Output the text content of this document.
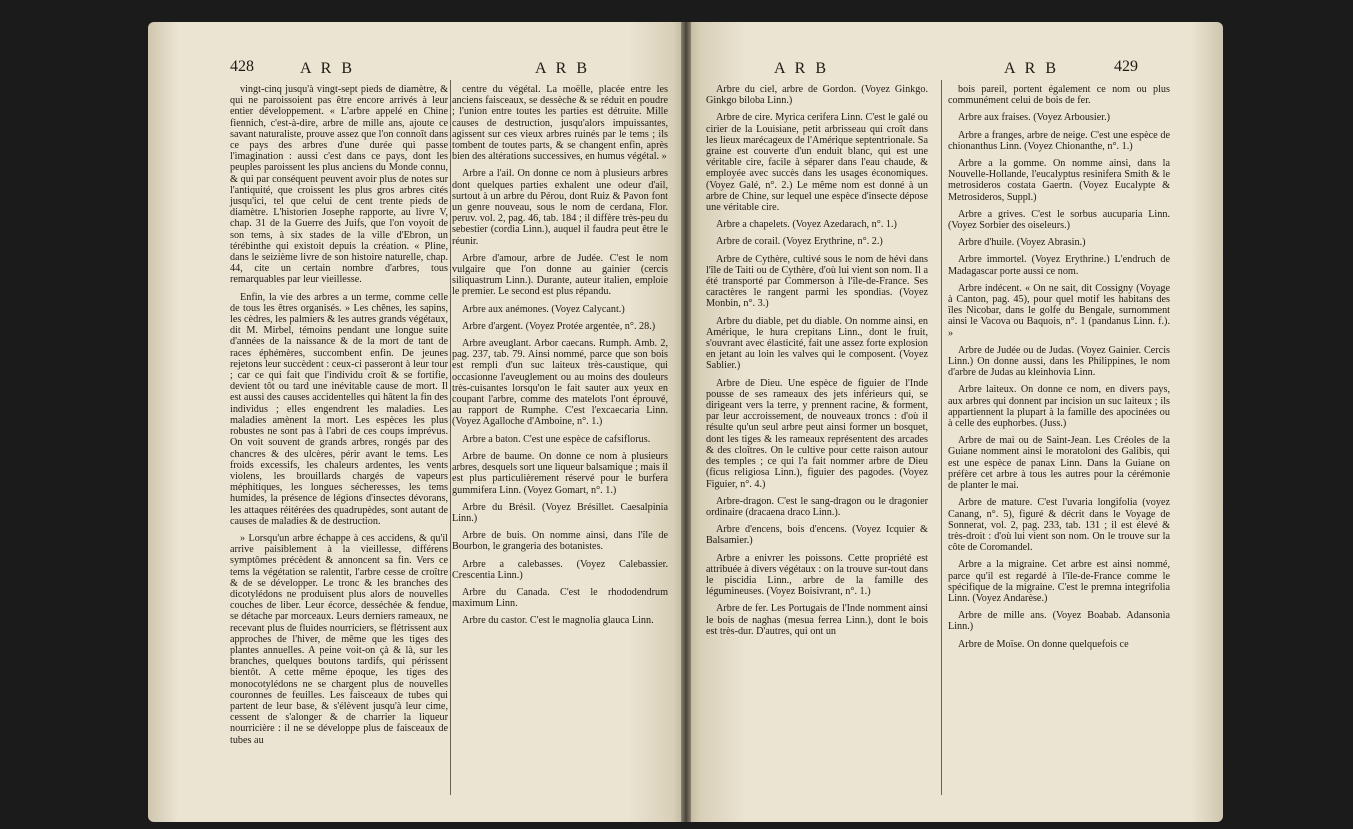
428	A R B	A R B

vingt-cinq jusqu'à vingt-sept pieds de diamètre, & qui ne paroissoient pas être encore arrivés à leur entier développement. « L'arbre appelé en Chine fiennich, c'est-à-dire, arbre de mille ans, ajoute ce savant naturaliste, prouve assez que l'on connoît dans ce pays des arbres d'une durée qui passe l'imagination : aussi c'est dans ce pays, dont les peuples paroissent les plus anciens du Monde connu, & qui par conséquent peuvent avoir plus de notes sur l'antiquité, que croissent les plus gros arbres cités jusqu'ici, tel que celui de cent trente pieds de diamètre. L'historien Josephe rapporte, au livre V, chap. 31 de la Guerre des Juifs, que l'on voyoit de son tems, à six stades de la ville d'Ebron, un térébinthe qui existoit depuis la création. « Pline, dans le seizième livre de son histoire naturelle, chap. 44, cite un certain nombre d'arbres, tous remarquables par leur vieillesse.

Enfin, la vie des arbres a un terme, comme celle de tous les êtres organisés. » Les chênes, les sapins, les cèdres, les palmiers & les autres grands végétaux, dit M. Mirbel, témoins pendant une longue suite d'années de la naissance & de la mort de tant de races éphémères, succombent enfin. De jeunes rejetons leur succèdent : ceux-ci passeront à leur tour ; car ce qui fait que l'individu croît & se fortifie, devient tôt ou tard une inévitable cause de mort. Il est aussi des causes accidentelles qui hâtent la fin des individus ; elles engendrent les maladies. Les maladies amènent la mort. Les espèces les plus robustes ne sont pas à l'abri de ces coups imprévus. On voit souvent de grands arbres, rongés par des chancres & des ulcères, périr avant le tems. Les froids excessifs, les chaleurs ardentes, les vents violens, les brouillards chargés de vapeurs méphitiques, les longues sécheresses, les tems humides, la présence de légions d'insectes dévorans, les attaques réitérées des quadrupèdes, sont autant de causes de maladies & de destruction.

» Lorsqu'un arbre échappe à ces accidens, & qu'il arrive paisiblement à la vieillesse, différens symptômes précèdent & annoncent sa fin. Vers ce tems la végétation se ralentit, l'arbre cesse de croître & de se développer. Le tronc & les branches des dicotylédons ne produisent plus alors de nouvelles couches de liber. Leur écorce, desséchée & fendue, se détache par morceaux. Leurs derniers rameaux, ne recevant plus de fluides nourriciers, se flétrissent aux approches de l'hiver, de même que les tiges des plantes annuelles. A peine voit-on çà & là, sur les branches, quelques boutons tardifs, qui périssent bientôt. A cette même époque, les tiges des monocotylédons ne se chargent plus de nouvelles couronnes de feuilles. Les faisceaux de tubes qui partent de leur base, & s'élèvent jusqu'à leur cime, cessent de s'alonger & de charrier la liqueur nourricière : il ne se développe plus de faisceaux de tubes au

centre du végétal. La moëlle, placée entre les anciens faisceaux, se dessèche & se réduit en poudre ; l'union entre toutes les parties est détruite. Mille causes de destruction, jusqu'alors impuissantes, agissent sur ces vieux arbres ruinés par le tems ; ils tombent de toutes parts, & se changent enfin, après bien des altérations successives, en humus végétal. »

Arbre a l'ail. On donne ce nom à plusieurs arbres dont quelques parties exhalent une odeur d'ail, surtout à un arbre du Pérou, dont Ruiz & Pavon font un genre nouveau, sous le nom de cerdana, Flor. peruv. vol. 2, pag. 46, tab. 184 ; il diffère très-peu du sebestier (cordia Linn.), auquel il faudra peut être le réunir.

Arbre d'amour, arbre de Judée. C'est le nom vulgaire que l'on donne au gainier (cercis siliquastrum Linn.). Durante, auteur italien, emploie le premier. Le second est plus répandu.

Arbre aux anémones. (Voyez Calycant.)

Arbre d'argent. (Voyez Protée argentée, n°. 28.)

Arbre aveuglant. Arbor caecans. Rumph. Amb. 2, pag. 237, tab. 79. Ainsi nommé, parce que son bois est rempli d'un suc laiteux très-caustique, qui occasionne l'aveuglement ou au moins des douleurs très-cuisantes lorsqu'on le fait sauter aux yeux en coupant l'arbre, comme des matelots l'ont éprouvé, au rapport de Rumphe. C'est l'excaecaria Linn. (Voyez Agalloche d'Amboine, n°. 1.)

Arbre a baton. C'est une espèce de cafsiflorus.

Arbre de baume. On donne ce nom à plusieurs arbres, desquels sort une liqueur balsamique ; mais il est plus particulièrement réservé pour le burfera gummifera Linn. (Voyez Gomart, n°. 1.)

Arbre du Brésil. (Voyez Brésillet. Caesalpinia Linn.)

Arbre de buis. On nomme ainsi, dans l'île de Bourbon, le grangeria des botanistes.

Arbre a calebasses. (Voyez Calebassier. Crescentia Linn.)

Arbre du Canada. C'est le rhododendrum maximum Linn.

Arbre du castor. C'est le magnolia glauca Linn.

A R B	A R B	429

Arbre du ciel, arbre de Gordon. (Voyez Ginkgo. Ginkgo biloba Linn.)

Arbre de cire. Myrica cerifera Linn. C'est le galé ou cirier de la Louisiane, petit arbrisseau qui croît dans les lieux marécageux de l'Amérique septentrionale. Sa graine est couverte d'un enduit blanc, qui est une véritable cire, facile à séparer dans l'eau chaude, & employée avec succès dans les usages économiques. (Voyez Galé, n°. 2.) Le même nom est donné à un arbre de Chine, sur lequel une espèce d'insecte dépose une véritable cire.

Arbre a chapelets. (Voyez Azedarach, n°. 1.)

Arbre de corail. (Voyez Erythrine, n°. 2.)

Arbre de Cythère, cultivé sous le nom de hévi dans l'île de Taiti ou de Cythère, d'où lui vient son nom. Il a été transporté par Commerson à l'île-de-France. Ses caractères le rangent parmi les spondias. (Voyez Monbin, n°. 3.)

Arbre du diable, pet du diable. On nomme ainsi, en Amérique, le hura crepitans Linn., dont le fruit, s'ouvrant avec élasticité, fait une assez forte explosion en jetant au loin les valves qui le composent. (Voyez Sablier.)

Arbre de Dieu. Une espèce de figuier de l'Inde pousse de ses rameaux des jets inférieurs qui, se dirigeant vers la terre, y prennent racine, & forment, par leur accroissement, de nouveaux troncs : d'où il résulte qu'un seul arbre peut ainsi former un bosquet, dont les tiges & les rameaux représentent des arcades & des cloîtres. On le cultive pour cette raison autour des temples ; ce qui l'a fait nommer arbre de Dieu (ficus religiosa Linn.), figuier des pagodes. (Voyez Figuier, n°. 4.)

Arbre-dragon. C'est le sang-dragon ou le dragonier ordinaire (dracaena draco Linn.).

Arbre d'encens, bois d'encens. (Voyez Icquier & Balsamier.)

Arbre a enivrer les poissons. Cette propriété est attribuée à divers végétaux : on la trouve sur-tout dans le piscidia Linn., arbre de la famille des légumineuses. (Voyez Boisivrant, n°. 1.)

Arbre de fer. Les Portugais de l'Inde nomment ainsi le bois de naghas (mesua ferrea Linn.), dont le bois est très-dur. D'autres, qui ont un

bois pareil, portent également ce nom ou plus communément celui de bois de fer.

Arbre aux fraises. (Voyez Arbousier.)

Arbre a franges, arbre de neige. C'est une espèce de chionanthus Linn. (Voyez Chionanthe, n°. 1.)

Arbre a la gomme. On nomme ainsi, dans la Nouvelle-Hollande, l'eucalyptus resinifera Smith & le metrosideros costata Gaertn. (Voyez Eucalypte & Metrosideros, Suppl.)

Arbre a grives. C'est le sorbus aucuparia Linn. (Voyez Sorbier des oiseleurs.)

Arbre d'huile. (Voyez Abrasin.)

Arbre immortel. (Voyez Erythrine.) L'endruch de Madagascar porte aussi ce nom.

Arbre indécent. « On ne sait, dit Cossigny (Voyage à Canton, pag. 45), pour quel motif les habitans des îles Nicobar, dans le golfe du Bengale, surnomment ainsi le Vacova ou Baquois, n°. 1 (pandanus Linn. f.). »

Arbre de Judée ou de Judas. (Voyez Gainier. Cercis Linn.) On donne aussi, dans les Philippines, le nom d'arbre de Judas au kleinhovia Linn.

Arbre laiteux. On donne ce nom, en divers pays, aux arbres qui donnent par incision un suc laiteux ; ils appartiennent la plupart à la famille des apocinées ou à celle des euphorbes. (Juss.)

Arbre de mai ou de Saint-Jean. Les Créoles de la Guiane nomment ainsi le moratoloni des Galibis, qui est une espèce de panax Linn. Dans la Guiane on préfère cet arbre à tous les autres pour la cérémonie de planter le mai.

Arbre de mature. C'est l'uvaria longifolia (voyez Canang, n°. 5), figuré & décrit dans le Voyage de Sonnerat, vol. 2, pag. 233, tab. 131 ; il est élevé & très-droit : d'où lui vient son nom. On le trouve sur la côte de Coromandel.

Arbre a la migraine. Cet arbre est ainsi nommé, parce qu'il est regardé à l'île-de-France comme le spécifique de la migraine. C'est le premna integrifolia Linn. (Voyez Andarèse.)

Arbre de mille ans. (Voyez Boabab. Adansonia Linn.)

Arbre de Moïse. On donne quelquefois ce
